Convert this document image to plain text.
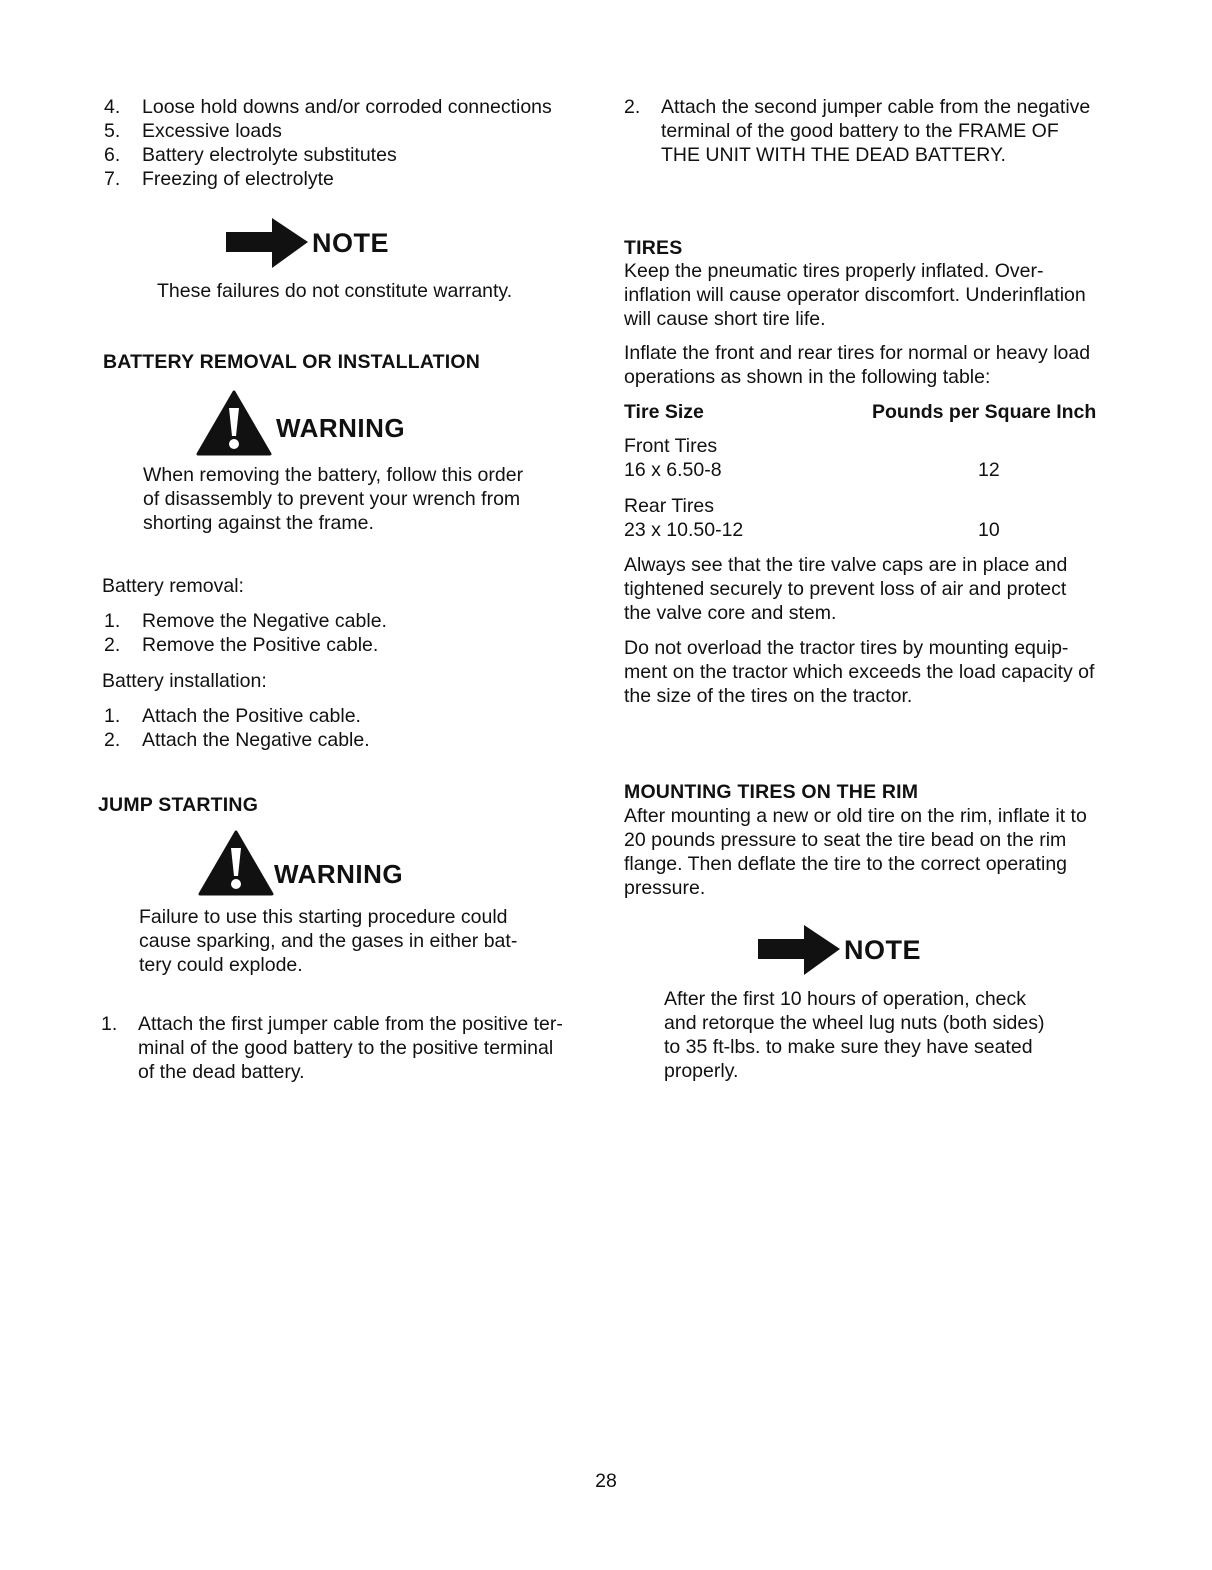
4. Loose hold downs and/or corroded connections
5. Excessive loads
6. Battery electrolyte substitutes
7. Freezing of electrolyte
NOTE
These failures do not constitute warranty.
BATTERY REMOVAL OR INSTALLATION
WARNING
When removing the battery, follow this order
of disassembly to prevent your wrench from
shorting against the frame.
Battery removal:
1. Remove the Negative cable.
2. Remove the Positive cable.
Battery installation:
1. Attach the Positive cable.
2. Attach the Negative cable.
JUMP STARTING
WARNING
Failure to use this starting procedure could
cause sparking, and the gases in either bat-
tery could explode.
1. Attach the first jumper cable from the positive ter-
minal of the good battery to the positive terminal
of the dead battery.
2. Attach the second jumper cable from the negative
terminal of the good battery to the FRAME OF
THE UNIT WITH THE DEAD BATTERY.
TIRES
Keep the pneumatic tires properly inflated. Over-
inflation will cause operator discomfort. Underinflation
will cause short tire life.
Inflate the front and rear tires for normal or heavy load
operations as shown in the following table:
Tire Size	Pounds per Square Inch
Front Tires
16 x 6.50-8	12
Rear Tires
23 x 10.50-12	10
Always see that the tire valve caps are in place and
tightened securely to prevent loss of air and protect
the valve core and stem.
Do not overload the tractor tires by mounting equip-
ment on the tractor which exceeds the load capacity of
the size of the tires on the tractor.
MOUNTING TIRES ON THE RIM
After mounting a new or old tire on the rim, inflate it to
20 pounds pressure to seat the tire bead on the rim
flange. Then deflate the tire to the correct operating
pressure.
NOTE
After the first 10 hours of operation, check
and retorque the wheel lug nuts (both sides)
to 35 ft-lbs. to make sure they have seated
properly.
28
